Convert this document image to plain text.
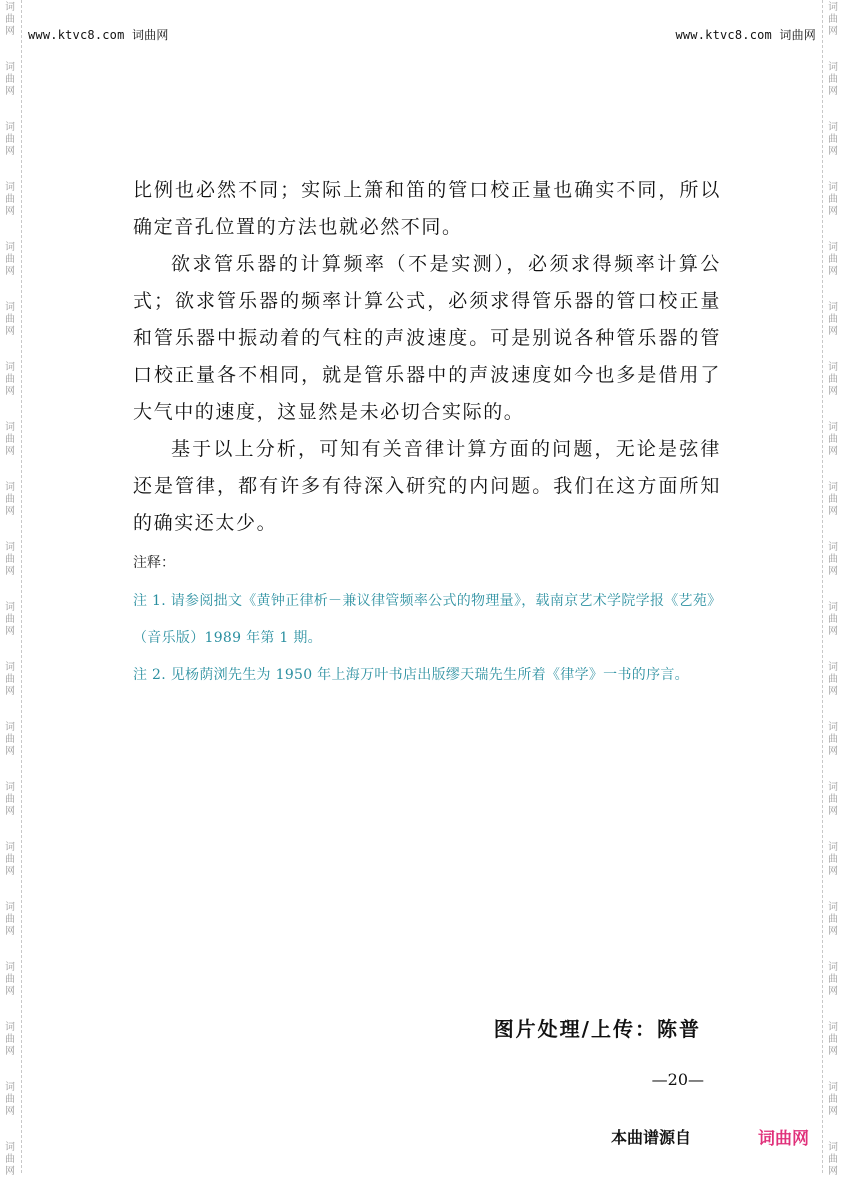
词
曲
网
词
曲
网
词
曲
网
词
曲
网
词
曲
网
词
曲
网
词
曲
网
词
曲
网
词
曲
网
词
曲
网
词
曲
网
词
曲
网
词
曲
网
词
曲
网
词
曲
网
词
曲
网
词
曲
网
词
曲
网
词
曲
网
词
曲
网
词
曲
网
词
曲
网
词
曲
网
词
曲
网
词
曲
网
词
曲
网
词
曲
网
词
曲
网
词
曲
网
词
曲
网
词
曲
网
词
曲
网
词
曲
网
词
曲
网
词
曲
网
词
曲
网
词
曲
网
词
曲
网
词
曲
网
词
曲
网
www.ktvc8.com 词曲网	www.ktvc8.com 词曲网

比例也必然不同；实际上箫和笛的管口校正量也确实不同，所以确定音孔位置的方法也就必然不同。

欲求管乐器的计算频率（不是实测），必须求得频率计算公式；欲求管乐器的频率计算公式，必须求得管乐器的管口校正量和管乐器中振动着的气柱的声波速度。可是别说各种管乐器的管口校正量各不相同，就是管乐器中的声波速度如今也多是借用了大气中的速度，这显然是未必切合实际的。

基于以上分析，可知有关音律计算方面的问题，无论是弦律还是管律，都有许多有待深入研究的内问题。我们在这方面所知的确实还太少。

注释：
注 1. 请参阅拙文《黄钟正律析－兼议律管频率公式的物理量》，载南京艺术学院学报《艺苑》（音乐版）1989 年第 1 期。
注 2. 见杨荫浏先生为 1950 年上海万叶书店出版缪天瑞先生所着《律学》一书的序言。
图片处理/上传：陈普
—20—
本曲谱源自	词曲网
